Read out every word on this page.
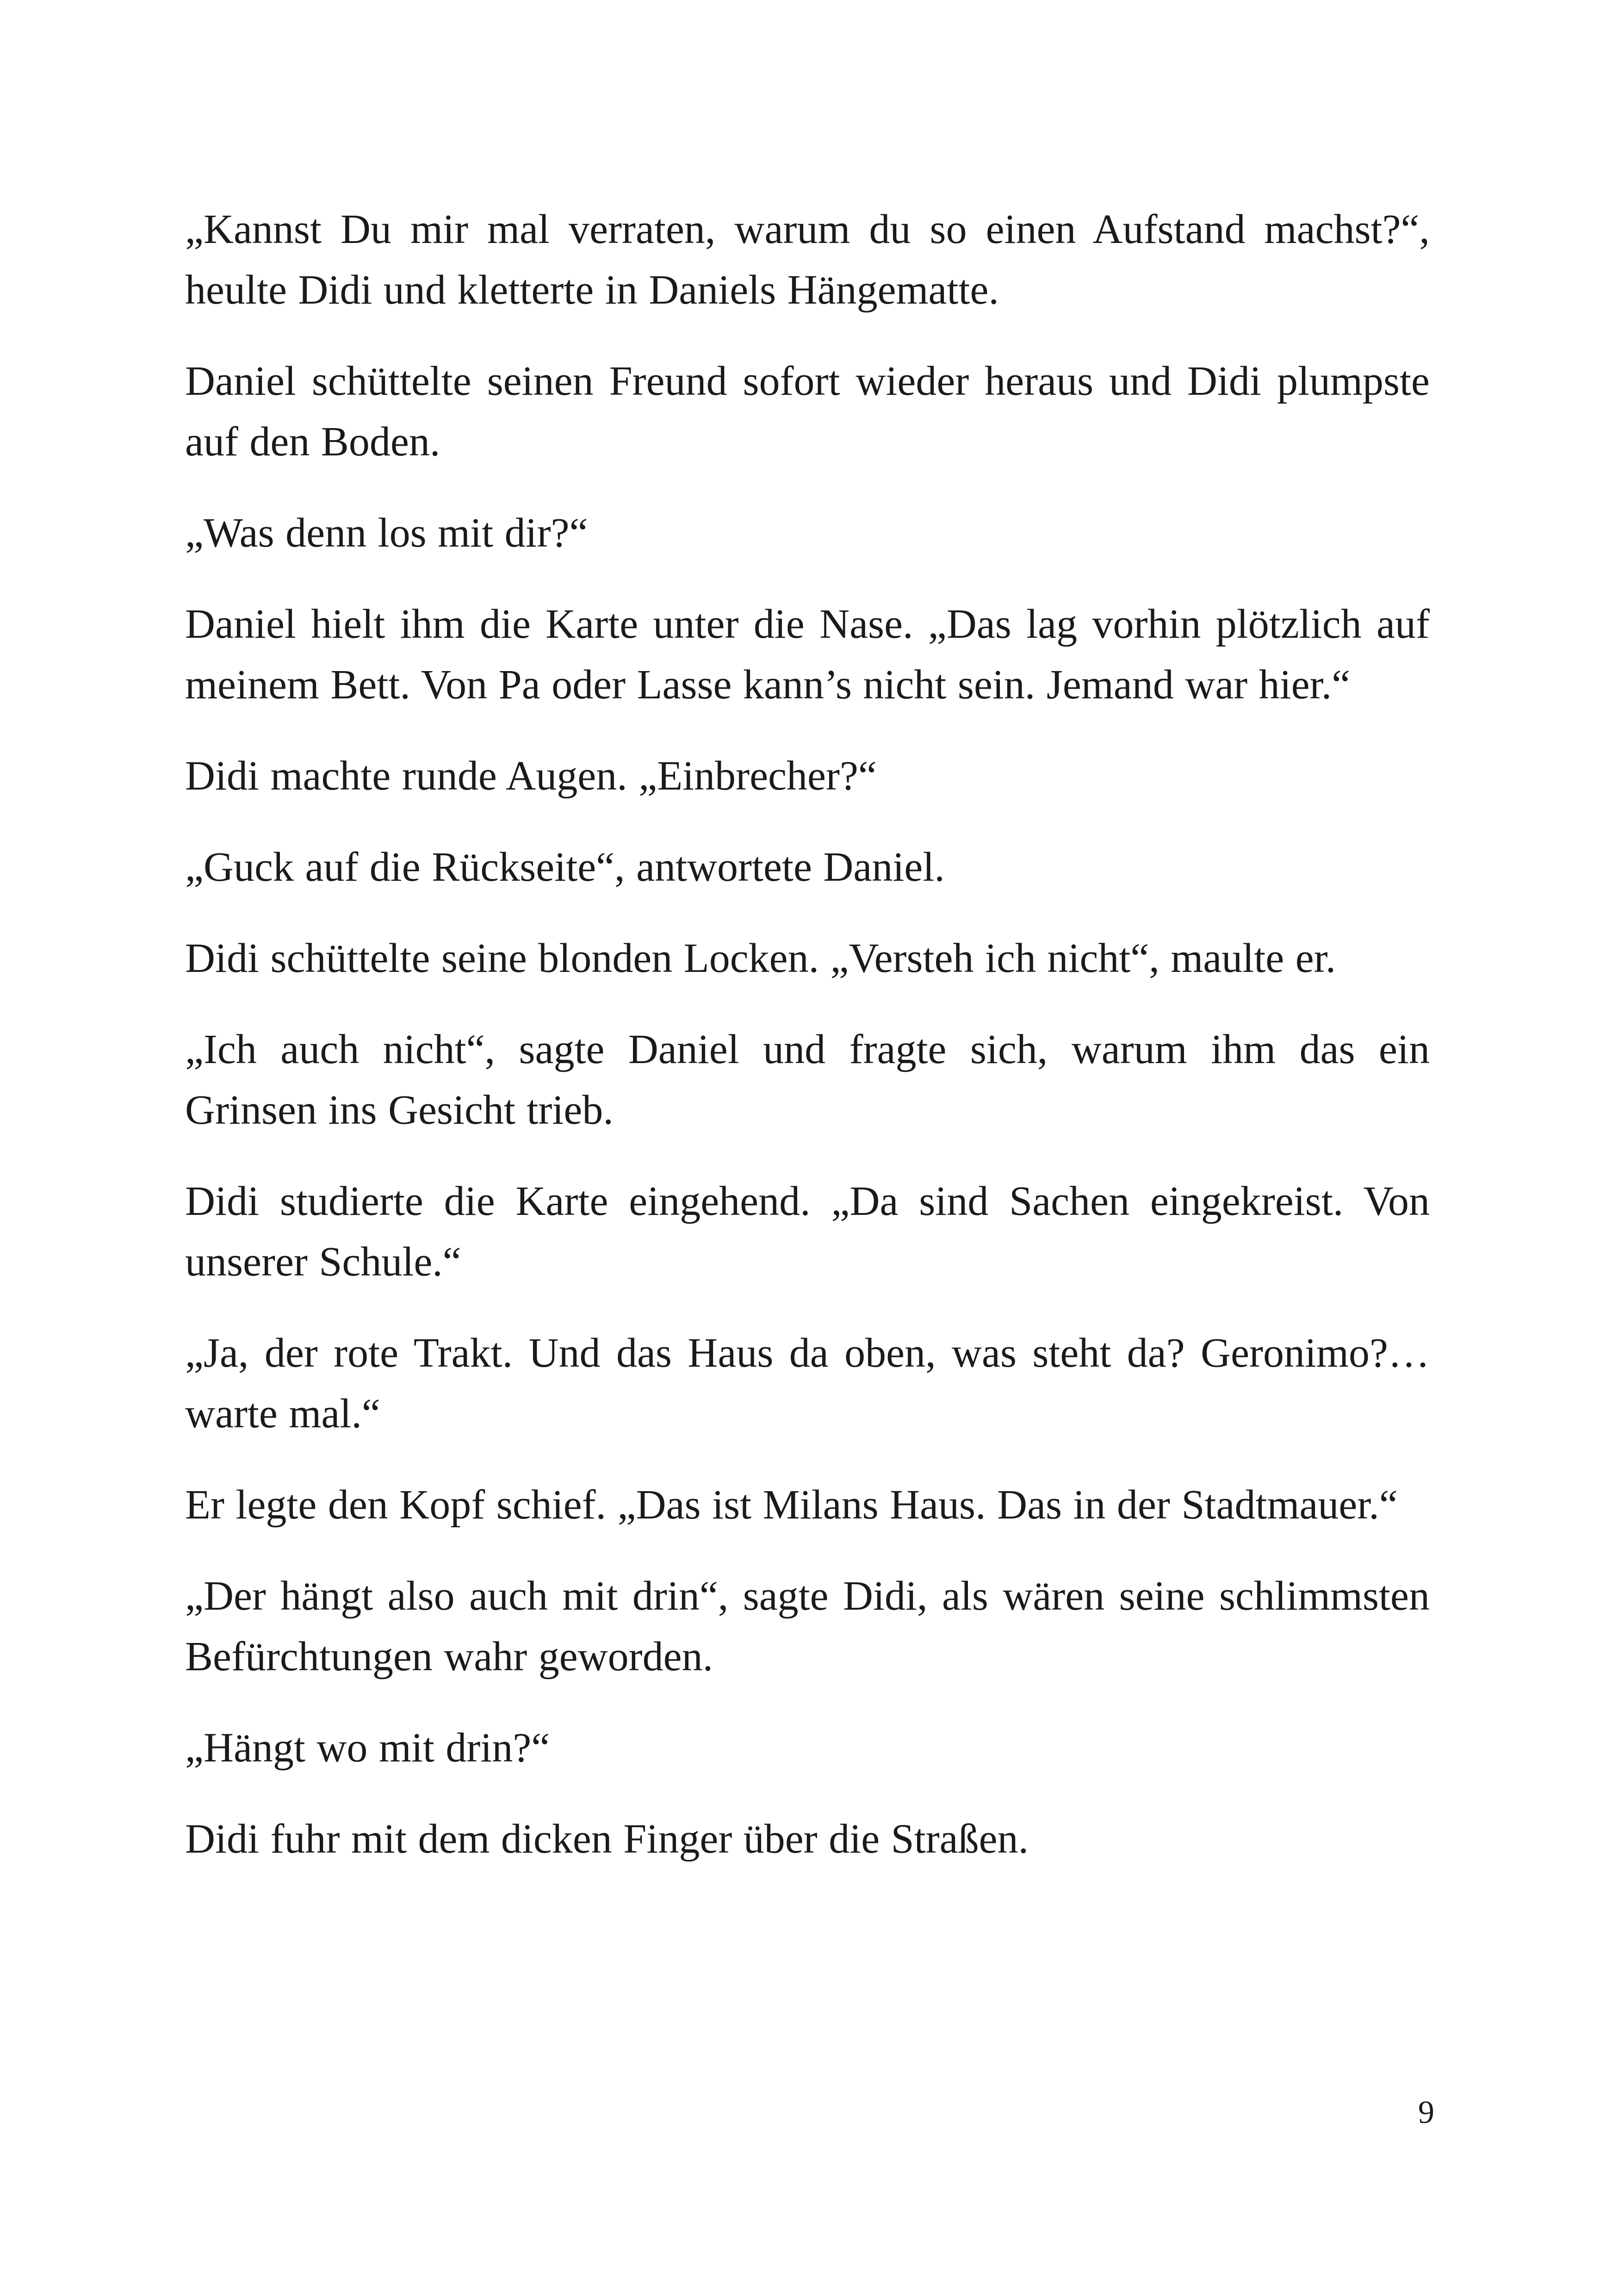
„Kannst Du mir mal verraten, warum du so einen Aufstand machst?“, heulte Didi und kletterte in Daniels Hängematte.

Daniel schüttelte seinen Freund sofort wieder heraus und Didi plumpste auf den Boden.

„Was denn los mit dir?“

Daniel hielt ihm die Karte unter die Nase. „Das lag vorhin plötzlich auf meinem Bett. Von Pa oder Lasse kann’s nicht sein. Jemand war hier.“

Didi machte runde Augen. „Einbrecher?“

„Guck auf die Rückseite“, antwortete Daniel.

Didi schüttelte seine blonden Locken. „Versteh ich nicht“, maulte er.

„Ich auch nicht“, sagte Daniel und fragte sich, warum ihm das ein Grinsen ins Gesicht trieb.

Didi studierte die Karte eingehend. „Da sind Sachen eingekreist. Von unserer Schule.“

„Ja, der rote Trakt. Und das Haus da oben, was steht da? Geronimo?… warte mal.“

Er legte den Kopf schief. „Das ist Milans Haus. Das in der Stadtmauer.“

„Der hängt also auch mit drin“, sagte Didi, als wären seine schlimmsten Befürchtungen wahr geworden.

„Hängt wo mit drin?“

Didi fuhr mit dem dicken Finger über die Straßen.

9
